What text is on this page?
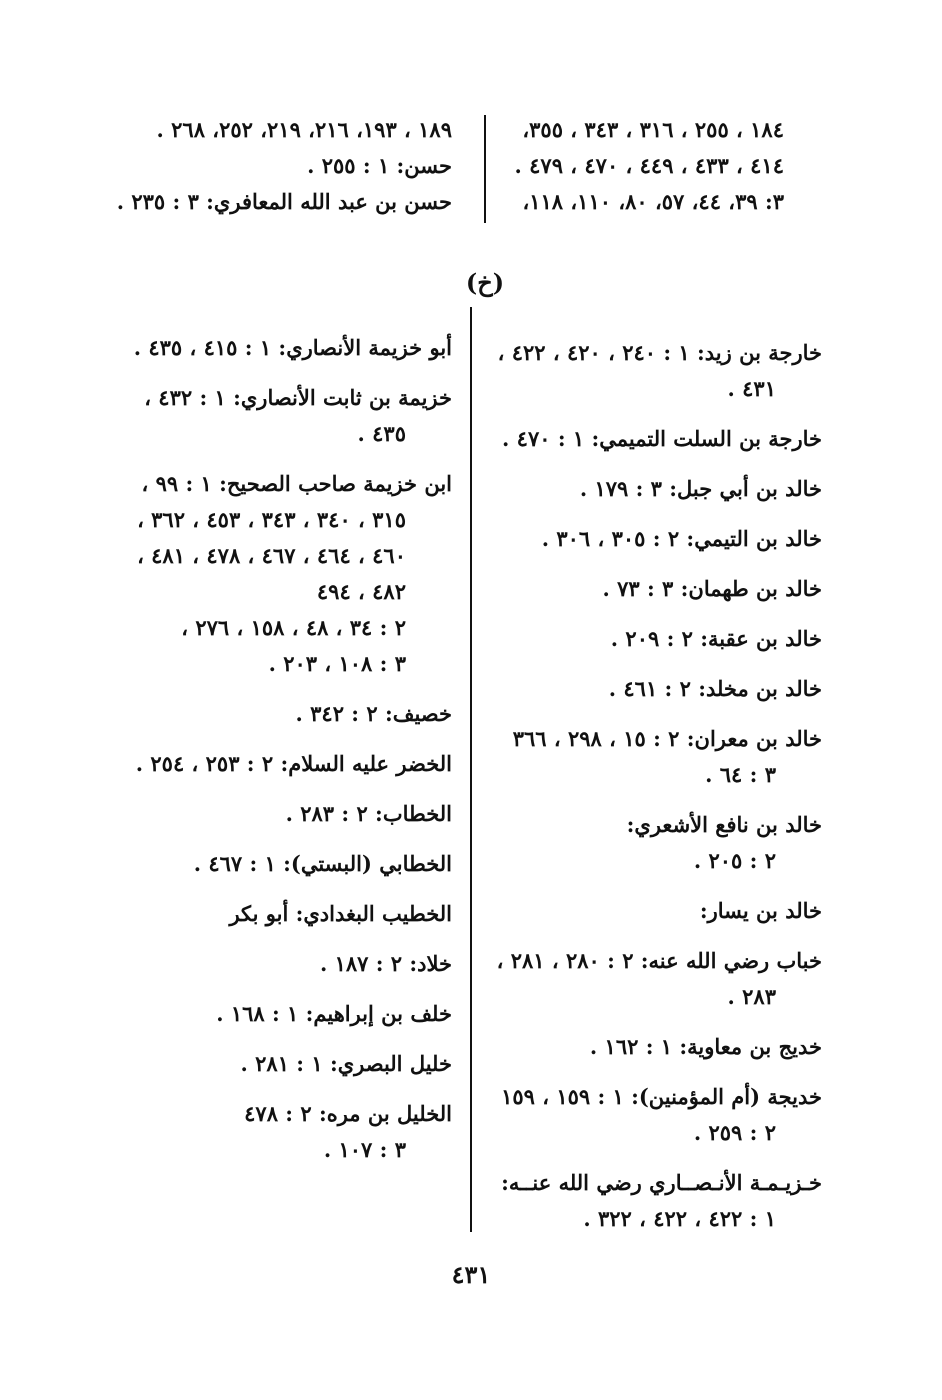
١٨٤ ، ٢٥٥ ، ٣١٦ ، ٣٤٣ ، ٣٥٥،
٤١٤ ، ٤٣٣ ، ٤٤٩ ، ٤٧٠ ، ٤٧٩ .
٣: ٣٩، ٤٤، ٥٧، ٨٠، ١١٠، ١١٨،
١٨٩ ، ١٩٣، ٢١٦، ٢١٩، ٢٥٢، ٢٦٨ .
حسن: ١ : ٢٥٥ .
حسن بن عبد الله المعافري: ٣ : ٢٣٥ .
(خ)
خارجة بن زيد: ١ : ٢٤٠ ، ٤٢٠ ، ٤٢٢ ،
٤٣١ .
خارجة بن السلت التميمي: ١ : ٤٧٠ .
خالد بن أبي جبل: ٣ : ١٧٩ .
خالد بن التيمي: ٢ : ٣٠٥ ، ٣٠٦ .
خالد بن طهمان: ٣ : ٧٣ .
خالد بن عقبة: ٢ : ٢٠٩ .
خالد بن مخلد: ٢ : ٤٦١ .
خالد بن معران: ٢ : ١٥ ، ٢٩٨ ، ٣٦٦
٣ : ٦٤ .
خالد بن نافع الأشعري:
٢ : ٢٠٥ .
خالد بن يسار:
خباب رضي الله عنه: ٢ : ٢٨٠ ، ٢٨١ ،
٢٨٣ .
خديج بن معاوية: ١ : ١٦٢ .
خديجة (أم المؤمنين): ١ : ١٥٩ ، ١٥٩
٢ : ٢٥٩ .
خـزيـمـة الأنـصــاري رضي الله عنــه:
١ : ٤٢٢ ، ٤٢٢ ، ٣٢٢ .
أبو خزيمة الأنصاري: ١ : ٤١٥ ، ٤٣٥ .
خزيمة بن ثابت الأنصاري: ١ : ٤٣٢ ،
٤٣٥ .
ابن خزيمة صاحب الصحيح: ١ : ٩٩ ،
٣١٥ ، ٣٤٠ ، ٣٤٣ ، ٤٥٣ ، ٣٦٢ ،
٤٦٠ ، ٤٦٤ ، ٤٦٧ ، ٤٧٨ ، ٤٨١ ،
٤٨٢ ، ٤٩٤
٢ : ٣٤ ، ٤٨ ، ١٥٨ ، ٢٧٦ ،
٣ : ١٠٨ ، ٢٠٣ .
خصيف: ٢ : ٣٤٢ .
الخضر عليه السلام: ٢ : ٢٥٣ ، ٢٥٤ .
الخطاب: ٢ : ٢٨٣ .
الخطابي (البستي): ١ : ٤٦٧ .
الخطيب البغدادي: أبو بكر
خلاد: ٢ : ١٨٧ .
خلف بن إبراهيم: ١ : ١٦٨ .
خليل البصري: ١ : ٢٨١ .
الخليل بن مره: ٢ : ٤٧٨
٣ : ١٠٧ .
٤٣١
